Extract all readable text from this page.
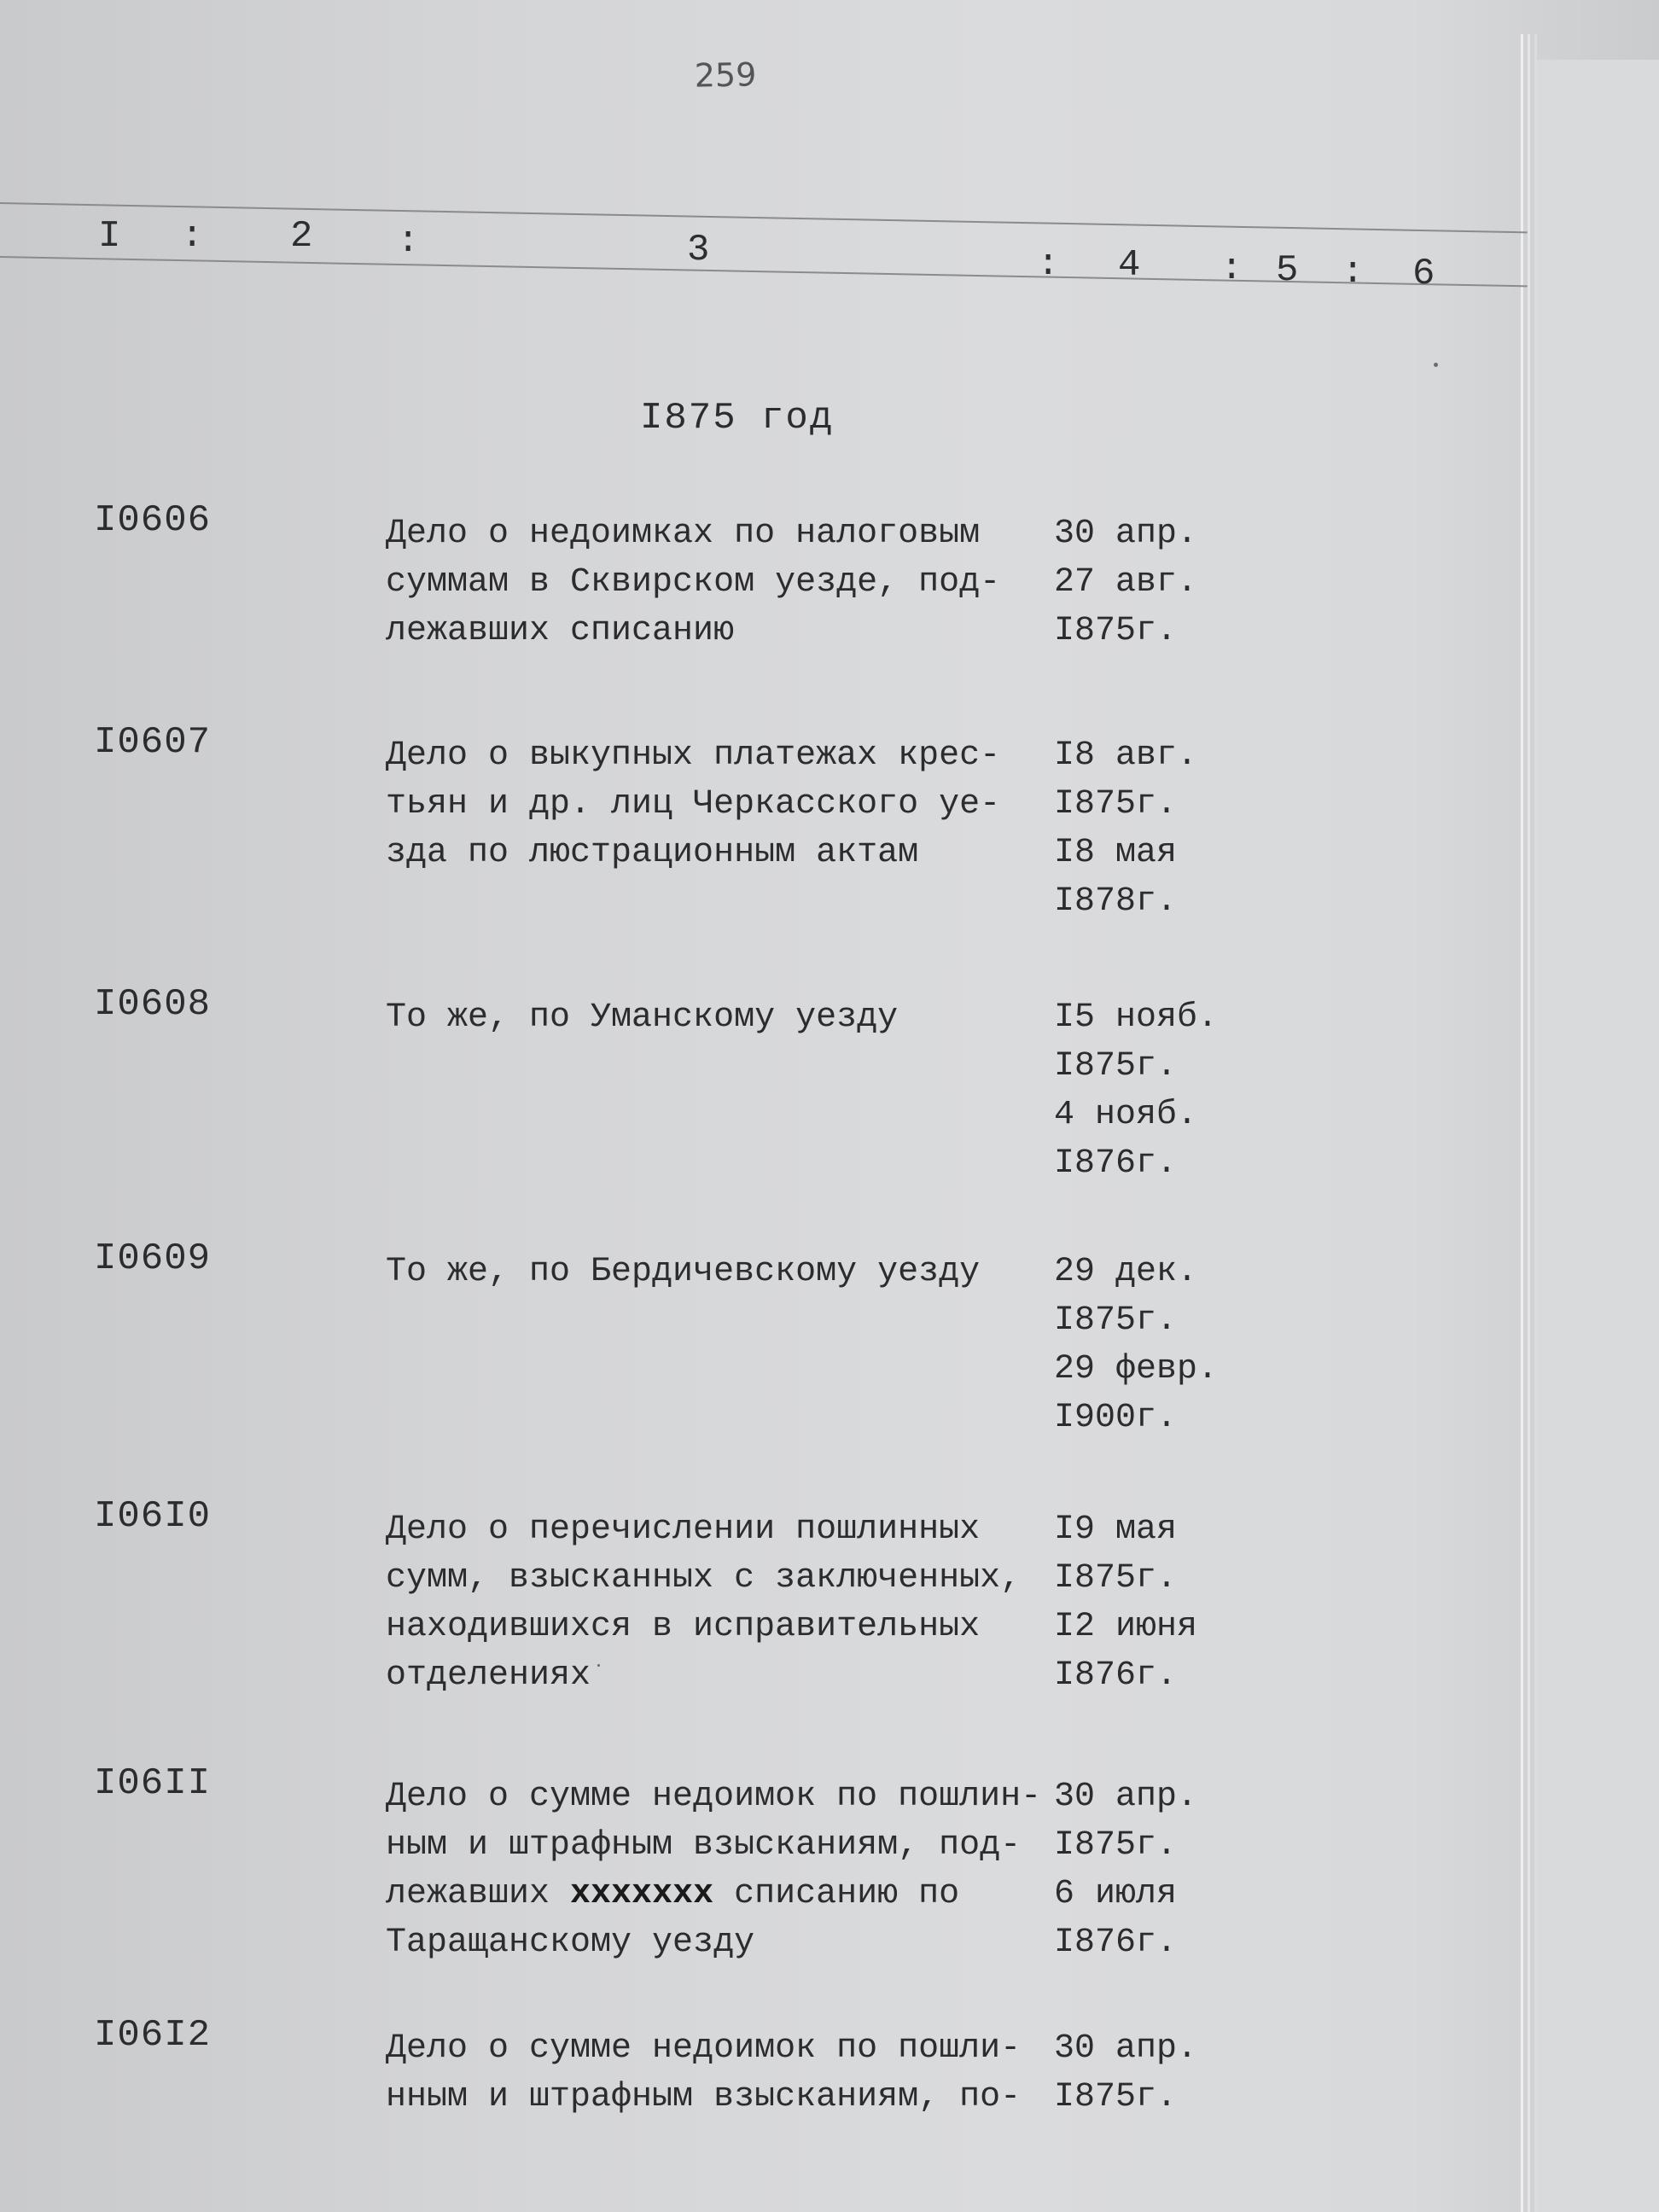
259
I : 2 :	3	: 4 : 5 : 6
I875 год
I0606	Дело о недоимках по налоговым
суммам в Сквирском уезде, под-
лежавших списанию
30 апр.
27 авг.
I875г.
I0607	Дело о выкупных платежах крес-
тьян и др. лиц Черкасского уе-
зда по люстрационным актам
I8 авг.
I875г.
I8 мая
I878г.
I0608	То же, по Уманскому уезду	I5 нояб.
I875г.
4 нояб.
I876г.
I0609	То же, по Бердичевскому уезду	29 дек.
I875г.
29 февр.
I900г.
I06I0	Дело о перечислении пошлинных
сумм, взысканных с заключенных,
находившихся в исправительных
отделениях
I9 мая
I875г.
I2 июня
I876г.
I06II	Дело о сумме недоимок по пошлин-
ным и штрафным взысканиям, под-
лежавших         xxxxxxx	списанию по
Таращанскому уезду
30 апр.
I875г.
6 июля
I876г.
I06I2	Дело о сумме недоимок по пошли-
нным и штрафным взысканиям, по-
30 апр.
I875г.
